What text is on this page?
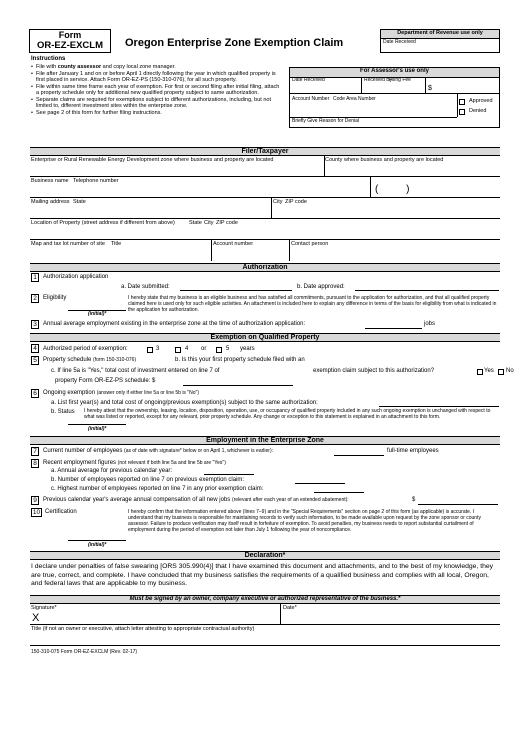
Form
OR-EZ-EXCLM	Oregon Enterprise Zone Exemption Claim
Department of Revenue use only
Date Received
Instructions
• File with county assessor and copy local zone manager.
• File after January 1 and on or before April 1 directly following the year in which qualified property is first placed in service. Attach Form OR-EZ-PS (150-310-076), for all such property.
• File within same time frame each year of exemption. For first or second filing after initial filing, attach a property schedule only for additional new qualified property subject to same authorization.
• Separate claims are required for exemptions subject to different authorizations, including, but not limited to, different investment sites within the enterprise zone.
• See page 2 of this form for further filing instructions.
For Assessor's use only
Date Received	Received By
Filing Fee
$
Account Number Code Area Number	Approved
Denied
Briefly Give Reason for Denial
Filer/Taxpayer
Enterprise or Rural Renewable Energy Development zone where business and property are located	County where business and property are located
Business name Telephone number
(          )
Mailing address State	City ZIP code
Location of Property (street address if different from above)	State City ZIP code
Map and tax lot number of site Title	Account number	Contact person
Authorization
1	Authorization application
a. Date submitted:	b. Date approved:
2	Eligibility	I hereby state that my business is an eligible business and has satisfied all commitments, pursuant to the application for authorization, and that all qualified property claimed here is used only for such eligible activities. An attachment is included here to explain any difference in terms of the basis for eligibility from what is indicated in the application for authorization.
(initial)*
3	Annual average employment existing in the enterprise zone at the time of authorization application:	jobs
Exemption on Qualified Property
4	Authorized period of exemption:	3	4 or	5 years
5	Property schedule (form 150-310-076)	b. Is this your first property schedule filed with an
c. If line 5a is "Yes," total cost of investment entered on line 7 of	exemption claim subject to this authorization?	Yes No
property Form OR-EZ-PS schedule: $
6	Ongoing exemption (answer only if either line 5a or line 5b is "No")
a. List first year(s) and total cost of ongoing/previous exemption(s) subject to the same authorization:
b. Status I hereby attest that the ownership, leasing, location, disposition, operation, use, or occupancy of qualified property included in any such ongoing exemption is unchanged with respect to what was listed or reported, except for any relevant, prior property schedule. Any change or exception to this statement is explained in an attachment to this form.
(initial)*
Employment in the Enterprise Zone
7	Current number of employees (as of date with signature* below or on April 1, whichever is earlier):	full-time employees
8	Recent employment figures (not relevant if both line 5a and line 5b are "Yes")
a. Annual average for previous calendar year:
b. Number of employees reported on line 7 on previous exemption claim:
c. Highest number of employees reported on line 7 in any prior exemption claim:
9	Previous calendar year's average annual compensation of all new jobs (relevant after each year of an extended abatement):	$
10 Certification	I hereby confirm that the information entered above (lines 7–9) and in the "Special Requirements" section on page 2 of this form (as applicable) is accurate. I understand that my business is responsible for maintaining records to verify such information, to be made available upon request by the zone sponsor or county assessor. Failure to produce verification may itself result in forfeiture of exemption. To avoid penalties, my business needs to report substantial curtailment of employment during the period of exemption not later than July 1 following the year of noncompliance.
(initial)*
Declaration*
I declare under penalties of false swearing [ORS 305.990(4)] that I have examined this document and attachments, and to the best of my knowledge, they are true, correct, and complete. I have concluded that my business satisfies the requirements of a qualified business and complies with all local, Oregon, and federal laws that are applicable to my business.
Must be signed by an owner, company executive or authorized representative of the business.*
Signature*
X
Date*
Title (if not an owner or executive, attach letter attesting to appropriate contractual authority)
150-310-075 Form OR-EZ-EXCLM (Rev. 02-17)
